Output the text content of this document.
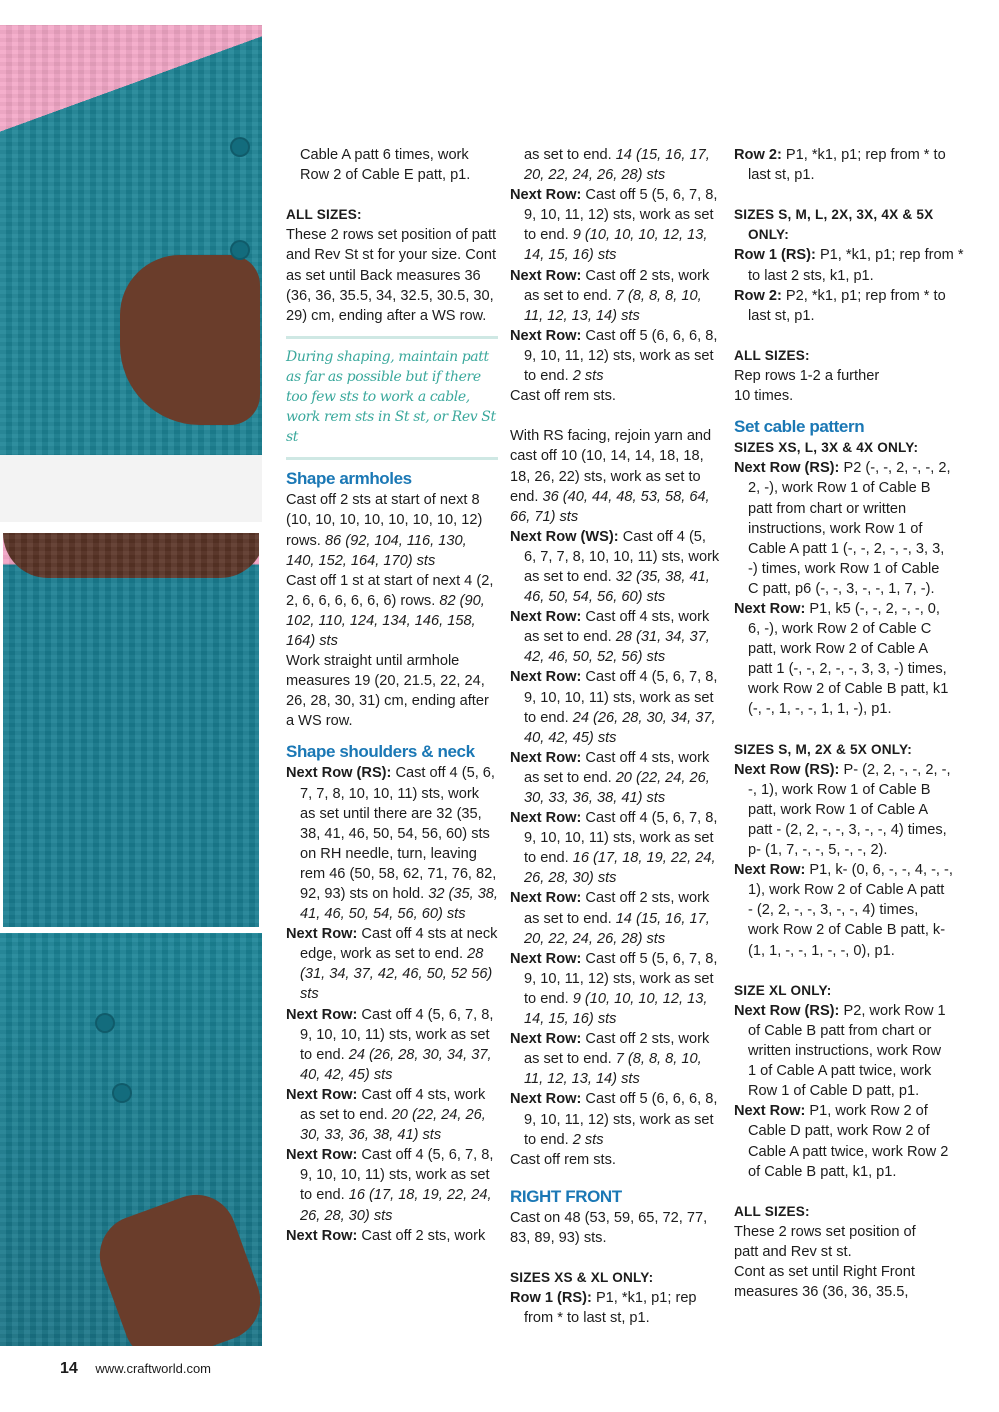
Cable A patt 6 times, work

Row 2 of Cable E patt, p1.

ALL SIZES:

These 2 rows set position of patt and Rev St st for your size. Cont as set until Back measures 36 (36, 36, 35.5, 34, 32.5, 30.5, 30, 29) cm, ending after a WS row.

During shaping, maintain patt as far as possible but if there too few sts to work a cable, work rem sts in St st, or Rev St st

Shape armholes

Cast off 2 sts at start of next 8 (10, 10, 10, 10, 10, 10, 10, 12) rows. 86 (92, 104, 116, 130, 140, 152, 164, 170) sts

Cast off 1 st at start of next 4 (2, 2, 6, 6, 6, 6, 6, 6) rows. 82 (90, 102, 110, 124, 134, 146, 158, 164) sts

Work straight until armhole measures 19 (20, 21.5, 22, 24, 26, 28, 30, 31) cm, ending after a WS row.

Shape shoulders & neck

Next Row (RS): Cast off 4 (5, 6, 7, 7, 8, 10, 10, 11) sts, work as set until there are 32 (35, 38, 41, 46, 50, 54, 56, 60) sts on RH needle, turn, leaving rem 46 (50, 58, 62, 71, 76, 82, 92, 93) sts on hold. 32 (35, 38, 41, 46, 50, 54, 56, 60) sts

Next Row: Cast off 4 sts at neck edge, work as set to end. 28 (31, 34, 37, 42, 46, 50, 52 56) sts

Next Row: Cast off 4 (5, 6, 7, 8, 9, 10, 10, 11) sts, work as set to end. 24 (26, 28, 30, 34, 37, 40, 42, 45) sts

Next Row: Cast off 4 sts, work as set to end. 20 (22, 24, 26, 30, 33, 36, 38, 41) sts

Next Row: Cast off 4 (5, 6, 7, 8, 9, 10, 10, 11) sts, work as set to end. 16 (17, 18, 19, 22, 24, 26, 28, 30) sts

Next Row: Cast off 2 sts, work

as set to end. 14 (15, 16, 17, 20, 22, 24, 26, 28) sts

Next Row: Cast off 5 (5, 6, 7, 8, 9, 10, 11, 12) sts, work as set to end. 9 (10, 10, 10, 12, 13, 14, 15, 16) sts

Next Row: Cast off 2 sts, work as set to end. 7 (8, 8, 8, 10, 11, 12, 13, 14) sts

Next Row: Cast off 5 (6, 6, 6, 8, 9, 10, 11, 12) sts, work as set to end. 2 sts

Cast off rem sts.

With RS facing, rejoin yarn and cast off 10 (10, 14, 14, 18, 18, 18, 26, 22) sts, work as set to end. 36 (40, 44, 48, 53, 58, 64, 66, 71) sts

Next Row (WS): Cast off 4 (5, 6, 7, 7, 8, 10, 10, 11) sts, work as set to end. 32 (35, 38, 41, 46, 50, 54, 56, 60) sts

Next Row: Cast off 4 sts, work as set to end. 28 (31, 34, 37, 42, 46, 50, 52, 56) sts

Next Row: Cast off 4 (5, 6, 7, 8, 9, 10, 10, 11) sts, work as set to end. 24 (26, 28, 30, 34, 37, 40, 42, 45) sts

Next Row: Cast off 4 sts, work as set to end. 20 (22, 24, 26, 30, 33, 36, 38, 41) sts

Next Row: Cast off 4 (5, 6, 7, 8, 9, 10, 10, 11) sts, work as set to end. 16 (17, 18, 19, 22, 24, 26, 28, 30) sts

Next Row: Cast off 2 sts, work as set to end. 14 (15, 16, 17, 20, 22, 24, 26, 28) sts

Next Row: Cast off 5 (5, 6, 7, 8, 9, 10, 11, 12) sts, work as set to end. 9 (10, 10, 10, 12, 13, 14, 15, 16) sts

Next Row: Cast off 2 sts, work as set to end. 7 (8, 8, 8, 10, 11, 12, 13, 14) sts

Next Row: Cast off 5 (6, 6, 6, 8, 9, 10, 11, 12) sts, work as set to end. 2 sts

Cast off rem sts.

RIGHT FRONT

Cast on 48 (53, 59, 65, 72, 77, 83, 89, 93) sts.

SIZES XS & XL ONLY:

Row 1 (RS): P1, *k1, p1; rep from * to last st, p1.

Row 2: P1, *k1, p1; rep from * to last st, p1.

SIZES S, M, L, 2X, 3X, 4X & 5X ONLY:

Row 1 (RS): P1, *k1, p1; rep from * to last 2 sts, k1, p1.

Row 2: P2, *k1, p1; rep from * to last st, p1.

ALL SIZES:

Rep rows 1-2 a further 10 times.

Set cable pattern

SIZES XS, L, 3X & 4X ONLY:

Next Row (RS): P2 (-, -, 2, -, -, 2, 2, -), work Row 1 of Cable B patt from chart or written instructions, work Row 1 of Cable A patt 1 (-, -, 2, -, -, 3, 3, -) times, work Row 1 of Cable C patt, p6 (-, -, 3, -, -, 1, 7, -).

Next Row: P1, k5 (-, -, 2, -, -, 0, 6, -), work Row 2 of Cable C patt, work Row 2 of Cable A patt 1 (-, -, 2, -, -, 3, 3, -) times, work Row 2 of Cable B patt, k1 (-, -, 1, -, -, 1, 1, -), p1.

SIZES S, M, 2X & 5X ONLY:

Next Row (RS): P- (2, 2, -, -, 2, -, -, 1), work Row 1 of Cable B patt, work Row 1 of Cable A patt - (2, 2, -, -, 3, -, -, 4) times, p- (1, 7, -, -, 5, -, -, 2).

Next Row: P1, k- (0, 6, -, -, 4, -, -, 1), work Row 2 of Cable A patt - (2, 2, -, -, 3, -, -, 4) times, work Row 2 of Cable B patt, k- (1, 1, -, -, 1, -, -, 0), p1.

SIZE XL ONLY:

Next Row (RS): P2, work Row 1 of Cable B patt from chart or written instructions, work Row 1 of Cable A patt twice, work Row 1 of Cable D patt, p1.

Next Row: P1, work Row 2 of Cable D patt, work Row 2 of Cable A patt twice, work Row 2 of Cable B patt, k1, p1.

ALL SIZES:

These 2 rows set position of patt and Rev st st.

Cont as set until Right Front measures 36 (36, 36, 35.5,

14 www.craftworld.com
